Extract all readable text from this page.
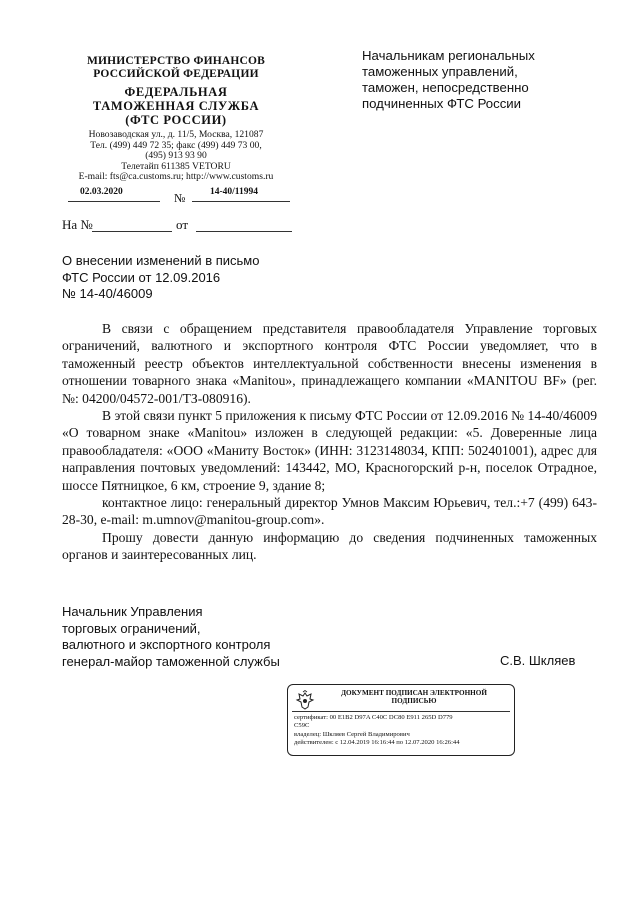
МИНИСТЕРСТВО ФИНАНСОВ
РОССИЙСКОЙ ФЕДЕРАЦИИ
ФЕДЕРАЛЬНАЯ
ТАМОЖЕННАЯ СЛУЖБА
(ФТС РОССИИ)
Новозаводская ул., д. 11/5, Москва, 121087
Тел. (499) 449 72 35; факс (499) 449 73 00,
(495) 913 93 90
Телетайп 611385 VETORU
E-mail: fts@ca.customs.ru; http://www.customs.ru
02.03.2020	№	14-40/11994
На №	от
Начальникам региональных
таможенных управлений,
таможен, непосредственно
подчиненных ФТС России
О внесении изменений в письмо
ФТС России от 12.09.2016
№ 14-40/46009

В связи с обращением представителя правообладателя Управление торговых ограничений, валютного и экспортного контроля ФТС России уведомляет, что в таможенный реестр объектов интеллектуальной собственности внесены изменения в отношении товарного знака «Manitou», принадлежащего компании «MANITOU BF» (рег. №: 04200/04572-001/ТЗ-080916).

В этой связи пункт 5 приложения к письму ФТС России от 12.09.2016 № 14-40/46009 «О товарном знаке «Manitou» изложен в следующей редакции: «5. Доверенные лица правообладателя: «ООО «Маниту Восток» (ИНН: 3123148034, КПП: 502401001), адрес для направления почтовых уведомлений: 143442, МО, Красногорский р-н, поселок Отрадное, шоссе Пятницкое, 6 км, строение 9, здание 8;

контактное лицо: генеральный директор Умнов Максим Юрьевич, тел.:+7 (499) 643-28-30, e-mail: m.umnov@manitou-group.com».

Прошу довести данную информацию до сведения подчиненных таможенных органов и заинтересованных лиц.

Начальник Управления
торговых ограничений,
валютного и экспортного контроля
генерал-майор таможенной службы	С.В. Шкляев
ДОКУМЕНТ ПОДПИСАН ЭЛЕКТРОННОЙ
ПОДПИСЬЮ
сертификат: 00 E1B2 D97A C40C DC80 E911 265D D779
C59C
владелец: Шкляев Сергей Владимирович
действителен: с 12.04.2019 16:16:44 по 12.07.2020 16:26:44
